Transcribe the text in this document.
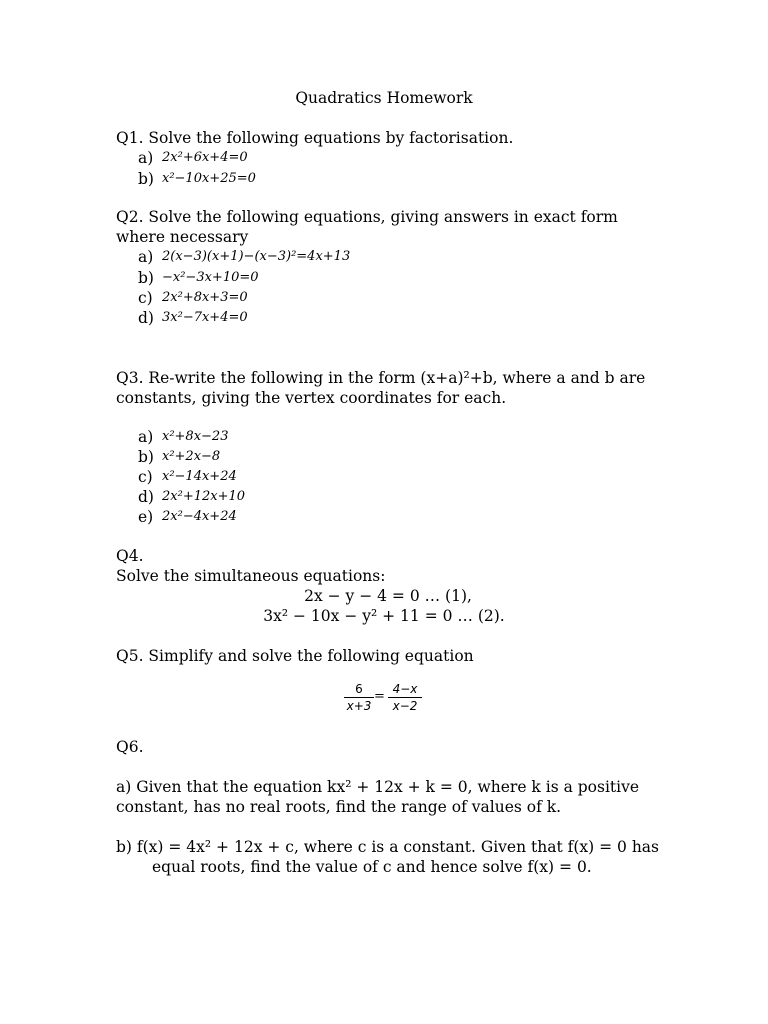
Quadratics Homework
Q1. Solve the following equations by factorisation.
a) 2x²+6x+4=0
b) x²−10x+25=0
Q2. Solve the following equations, giving answers in exact form
where necessary
a) 2(x−3)(x+1)−(x−3)²=4x+13
b) −x²−3x+10=0
c) 2x²+8x+3=0
d) 3x²−7x+4=0
Q3. Re-write the following in the form (x+a)²+b, where a and b are
constants, giving the vertex coordinates for each.
a) x²+8x−23
b) x²+2x−8
c) x²−14x+24
d) 2x²+12x+10
e) 2x²−4x+24
Q4.
Solve the simultaneous equations:
2x − y − 4 = 0 … (1),
3x² − 10x − y² + 11 = 0 … (2).
Q5. Simplify and solve the following equation
6
x+3
= 4−x
x−2
Q6.
a) Given that the equation kx² + 12x + k = 0, where k is a positive
constant, has no real roots, find the range of values of k.
b) f(x) = 4x² + 12x + c, where c is a constant. Given that f(x) = 0 has
equal roots, find the value of c and hence solve f(x) = 0.
